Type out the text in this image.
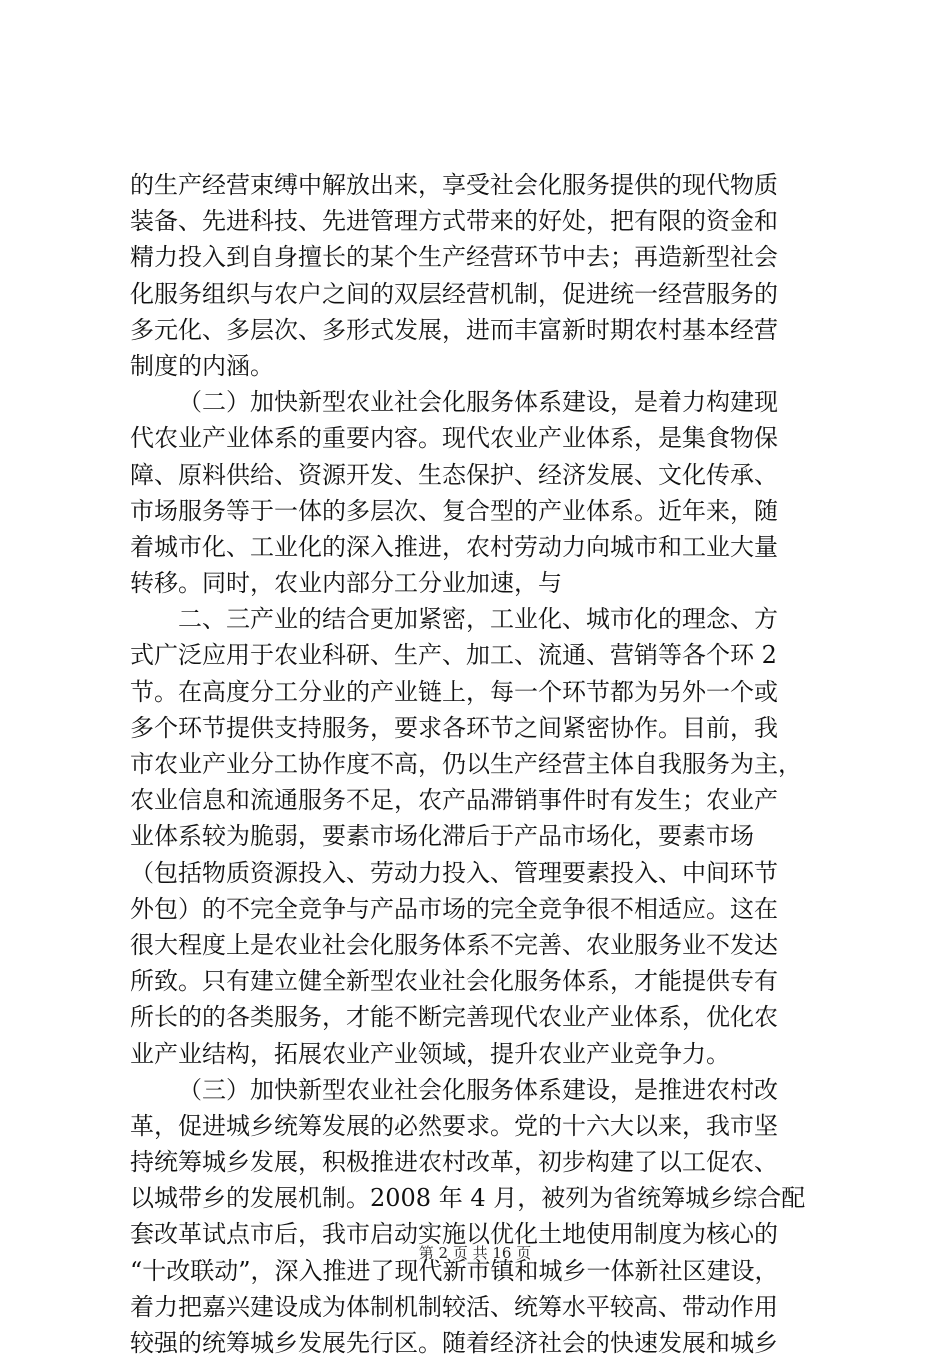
的生产经营束缚中解放出来，享受社会化服务提供的现代物质
装备、先进科技、先进管理方式带来的好处，把有限的资金和
精力投入到自身擅长的某个生产经营环节中去；再造新型社会
化服务组织与农户之间的双层经营机制，促进统一经营服务的
多元化、多层次、多形式发展，进而丰富新时期农村基本经营
制度的内涵。
（二）加快新型农业社会化服务体系建设，是着力构建现
代农业产业体系的重要内容。现代农业产业体系，是集食物保
障、原料供给、资源开发、生态保护、经济发展、文化传承、
市场服务等于一体的多层次、复合型的产业体系。近年来，随
着城市化、工业化的深入推进，农村劳动力向城市和工业大量
转移。同时，农业内部分工分业加速，与
二、三产业的结合更加紧密，工业化、城市化的理念、方
式广泛应用于农业科研、生产、加工、流通、营销等各个环 2
节。在高度分工分业的产业链上，每一个环节都为另外一个或
多个环节提供支持服务，要求各环节之间紧密协作。目前，我
市农业产业分工协作度不高，仍以生产经营主体自我服务为主，
农业信息和流通服务不足，农产品滞销事件时有发生；农业产
业体系较为脆弱，要素市场化滞后于产品市场化，要素市场
（包括物质资源投入、劳动力投入、管理要素投入、中间环节
外包）的不完全竞争与产品市场的完全竞争很不相适应。这在
很大程度上是农业社会化服务体系不完善、农业服务业不发达
所致。只有建立健全新型农业社会化服务体系，才能提供专有
所长的的各类服务，才能不断完善现代农业产业体系，优化农
业产业结构，拓展农业产业领域，提升农业产业竞争力。
（三）加快新型农业社会化服务体系建设，是推进农村改
革，促进城乡统筹发展的必然要求。党的十六大以来，我市坚
持统筹城乡发展，积极推进农村改革，初步构建了以工促农、
以城带乡的发展机制。2008 年 4 月，被列为省统筹城乡综合配
套改革试点市后，我市启动实施以优化土地使用制度为核心的
“十改联动”，深入推进了现代新市镇和城乡一体新社区建设，
着力把嘉兴建设成为体制机制较活、统筹水平较高、带动作用
较强的统筹城乡发展先行区。随着经济社会的快速发展和城乡
第 2 页 共 16 页
